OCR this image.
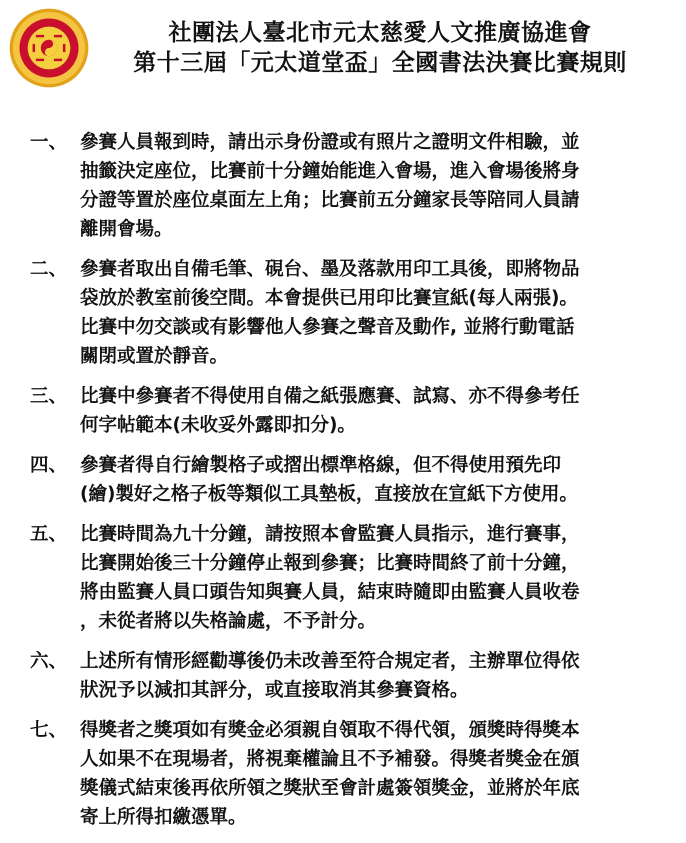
社團法人臺北市元太慈愛人文推廣協進會
第十三屆「元太道堂盃」全國書法決賽比賽規則
一、 參賽人員報到時，請出示身份證或有照片之證明文件相驗，並
抽籤決定座位，比賽前十分鐘始能進入會場，進入會場後將身
分證等置於座位桌面左上角；比賽前五分鐘家長等陪同人員請
離開會場。
二、 參賽者取出自備毛筆、硯台、墨及落款用印工具後，即將物品
袋放於教室前後空間。本會提供已用印比賽宣紙(每人兩張)。
比賽中勿交談或有影響他人參賽之聲音及動作, 並將行動電話
關閉或置於靜音。
三、 比賽中參賽者不得使用自備之紙張應賽、試寫、亦不得參考任
何字帖範本(未收妥外露即扣分)。
四、 參賽者得自行繪製格子或摺出標準格線，但不得使用預先印
(繪)製好之格子板等類似工具墊板，直接放在宣紙下方使用。
五、 比賽時間為九十分鐘，請按照本會監賽人員指示，進行賽事，
比賽開始後三十分鐘停止報到參賽；比賽時間終了前十分鐘，
將由監賽人員口頭告知與賽人員，結束時隨即由監賽人員收卷
，未從者將以失格論處，不予計分。
六、 上述所有情形經勸導後仍未改善至符合規定者，主辦單位得依
狀況予以減扣其評分，或直接取消其參賽資格。
七、 得獎者之獎項如有獎金必須親自領取不得代領，頒獎時得獎本
人如果不在現場者，將視棄權論且不予補發。得獎者獎金在頒
獎儀式結束後再依所領之獎狀至會計處簽領獎金，並將於年底
寄上所得扣繳憑單。
